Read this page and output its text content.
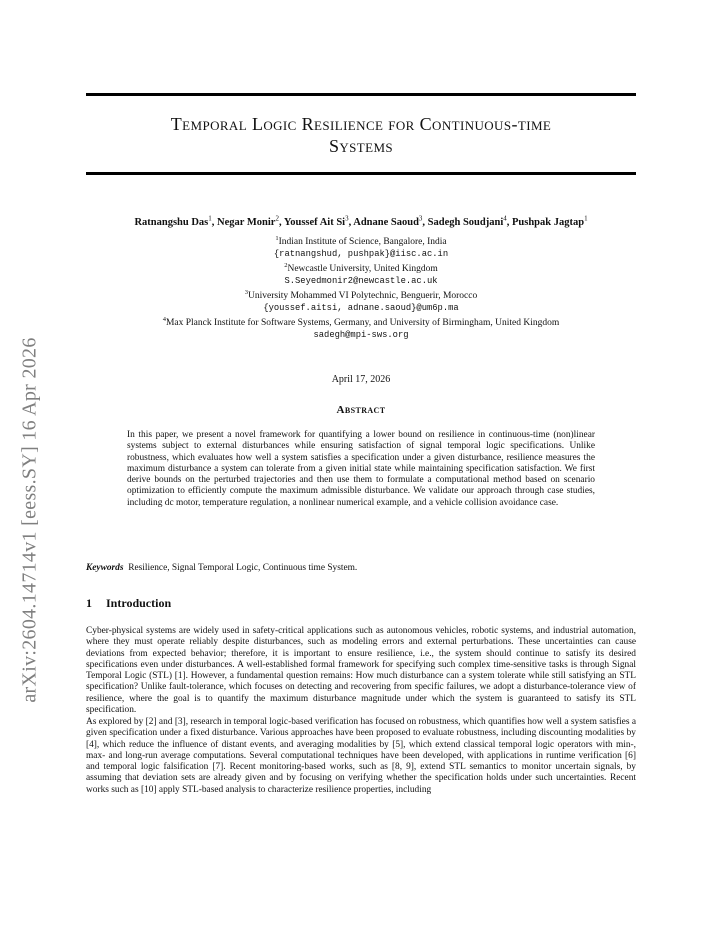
arXiv:2604.14714v1 [eess.SY] 16 Apr 2026
Temporal Logic Resilience for Continuous-time
Systems
Ratnangshu Das$^1$, Negar Monir$^2$, Youssef Ait Si$^3$, Adnane Saoud$^3$, Sadegh Soudjani$^4$, Pushpak Jagtap$^1$
$^1$Indian Institute of Science, Bangalore, India
{ratnangshud, pushpak}@iisc.ac.in
$^2$Newcastle University, United Kingdom
S.Seyedmonir2@newcastle.ac.uk
$^3$University Mohammed VI Polytechnic, Benguerir, Morocco
{youssef.aitsi, adnane.saoud}@um6p.ma
$^4$Max Planck Institute for Software Systems, Germany, and University of Birmingham, United Kingdom
sadegh@mpi-sws.org
April 17, 2026
Abstract
In this paper, we present a novel framework for quantifying a lower bound on resilience in continuous-time (non)linear systems subject to external disturbances while ensuring satisfaction of signal temporal logic specifications. Unlike robustness, which evaluates how well a system satisfies a specification under a given disturbance, resilience measures the maximum disturbance a system can tolerate from a given initial state while maintaining specification satisfaction. We first derive bounds on the perturbed trajectories and then use them to formulate a computational method based on scenario optimization to efficiently compute the maximum admissible disturbance. We validate our approach through case studies, including dc motor, temperature regulation, a nonlinear numerical example, and a vehicle collision avoidance case.
Keywords Resilience, Signal Temporal Logic, Continuous time System.
1 Introduction
Cyber-physical systems are widely used in safety-critical applications such as autonomous vehicles, robotic systems, and industrial automation, where they must operate reliably despite disturbances, such as modeling errors and external perturbations. These uncertainties can cause deviations from expected behavior; therefore, it is important to ensure resilience, i.e., the system should continue to satisfy its desired specifications even under disturbances. A well-established formal framework for specifying such complex time-sensitive tasks is through Signal Temporal Logic (STL) [1]. However, a fundamental question remains: How much disturbance can a system tolerate while still satisfying an STL specification? Unlike fault-tolerance, which focuses on detecting and recovering from specific failures, we adopt a disturbance-tolerance view of resilience, where the goal is to quantify the maximum disturbance magnitude under which the system is guaranteed to satisfy its STL specification.
As explored by [2] and [3], research in temporal logic-based verification has focused on robustness, which quantifies how well a system satisfies a given specification under a fixed disturbance. Various approaches have been proposed to evaluate robustness, including discounting modalities by [4], which reduce the influence of distant events, and averaging modalities by [5], which extend classical temporal logic operators with min-, max- and long-run average computations. Several computational techniques have been developed, with applications in runtime verification [6] and temporal logic falsification [7]. Recent monitoring-based works, such as [8, 9], extend STL semantics to monitor uncertain signals, by assuming that deviation sets are already given and by focusing on verifying whether the specification holds under such uncertainties. Recent works such as [10] apply STL-based analysis to characterize resilience properties, including
